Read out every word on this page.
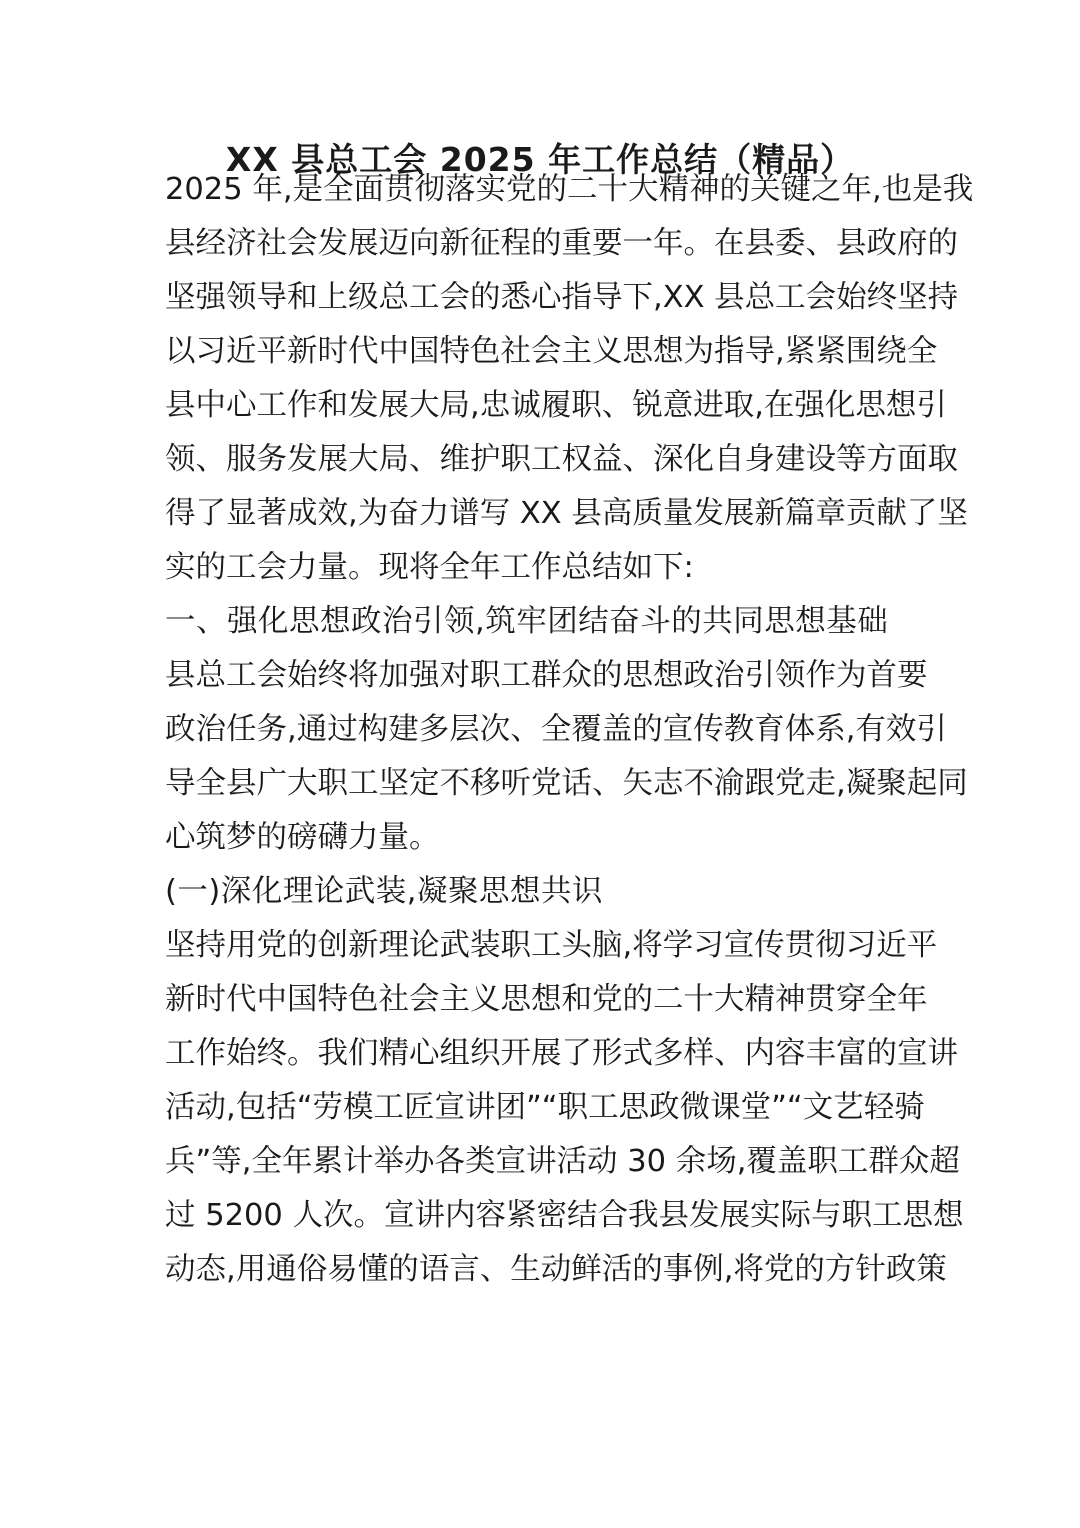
XX 县总工会 2025 年工作总结（精品）

2025 年,是全面贯彻落实党的二十大精神的关键之年,也是我

县经济社会发展迈向新征程的重要一年。在县委、县政府的

坚强领导和上级总工会的悉心指导下,XX 县总工会始终坚持

以习近平新时代中国特色社会主义思想为指导,紧紧围绕全

县中心工作和发展大局,忠诚履职、锐意进取,在强化思想引

领、服务发展大局、维护职工权益、深化自身建设等方面取

得了显著成效,为奋力谱写 XX 县高质量发展新篇章贡献了坚

实的工会力量。现将全年工作总结如下:

一、强化思想政治引领,筑牢团结奋斗的共同思想基础

县总工会始终将加强对职工群众的思想政治引领作为首要

政治任务,通过构建多层次、全覆盖的宣传教育体系,有效引

导全县广大职工坚定不移听党话、矢志不渝跟党走,凝聚起同

心筑梦的磅礴力量。

(一)深化理论武装,凝聚思想共识

坚持用党的创新理论武装职工头脑,将学习宣传贯彻习近平

新时代中国特色社会主义思想和党的二十大精神贯穿全年

工作始终。我们精心组织开展了形式多样、内容丰富的宣讲

活动,包括“劳模工匠宣讲团”“职工思政微课堂”“文艺轻骑

兵”等,全年累计举办各类宣讲活动 30 余场,覆盖职工群众超

过 5200 人次。宣讲内容紧密结合我县发展实际与职工思想

动态,用通俗易懂的语言、生动鲜活的事例,将党的方针政策
